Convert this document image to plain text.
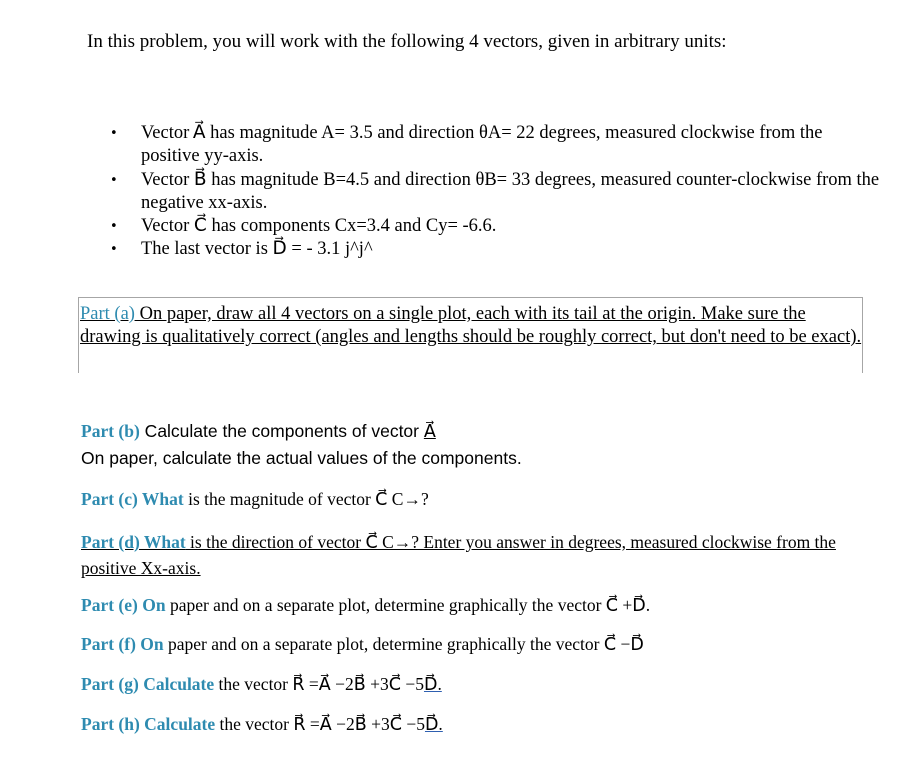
In this problem, you will work with the following 4 vectors, given in arbitrary units:
• Vector A⃗ has magnitude A= 3.5 and direction θA= 22 degrees, measured clockwise from the positive yy-axis.
• Vector B⃗ has magnitude B=4.5 and direction θB= 33 degrees, measured counter-clockwise from the negative xx-axis.
• Vector C⃗ has components Cx=3.4 and Cy= -6.6.
• The last vector is D⃗ = - 3.1 j^j^
Part (a) On paper, draw all 4 vectors on a single plot, each with its tail at the origin. Make sure the drawing is qualitatively correct (angles and lengths should be roughly correct, but don't need to be exact).
Part (b) Calculate the components of vector A⃗
On paper, calculate the actual values of the components.
Part (c) What is the magnitude of vector C⃗ C→?
Part (d) What is the direction of vector C⃗ C→? Enter you answer in degrees, measured clockwise from the positive Xx-axis.
Part (e) On paper and on a separate plot, determine graphically the vector C⃗ +D⃗.
Part (f) On paper and on a separate plot, determine graphically the vector C⃗ −D⃗
Part (g) Calculate the vector R⃗ =A⃗ −2B⃗ +3C⃗ −5D⃗.
Part (h) Calculate the vector R⃗ =A⃗ −2B⃗ +3C⃗ −5D⃗.
